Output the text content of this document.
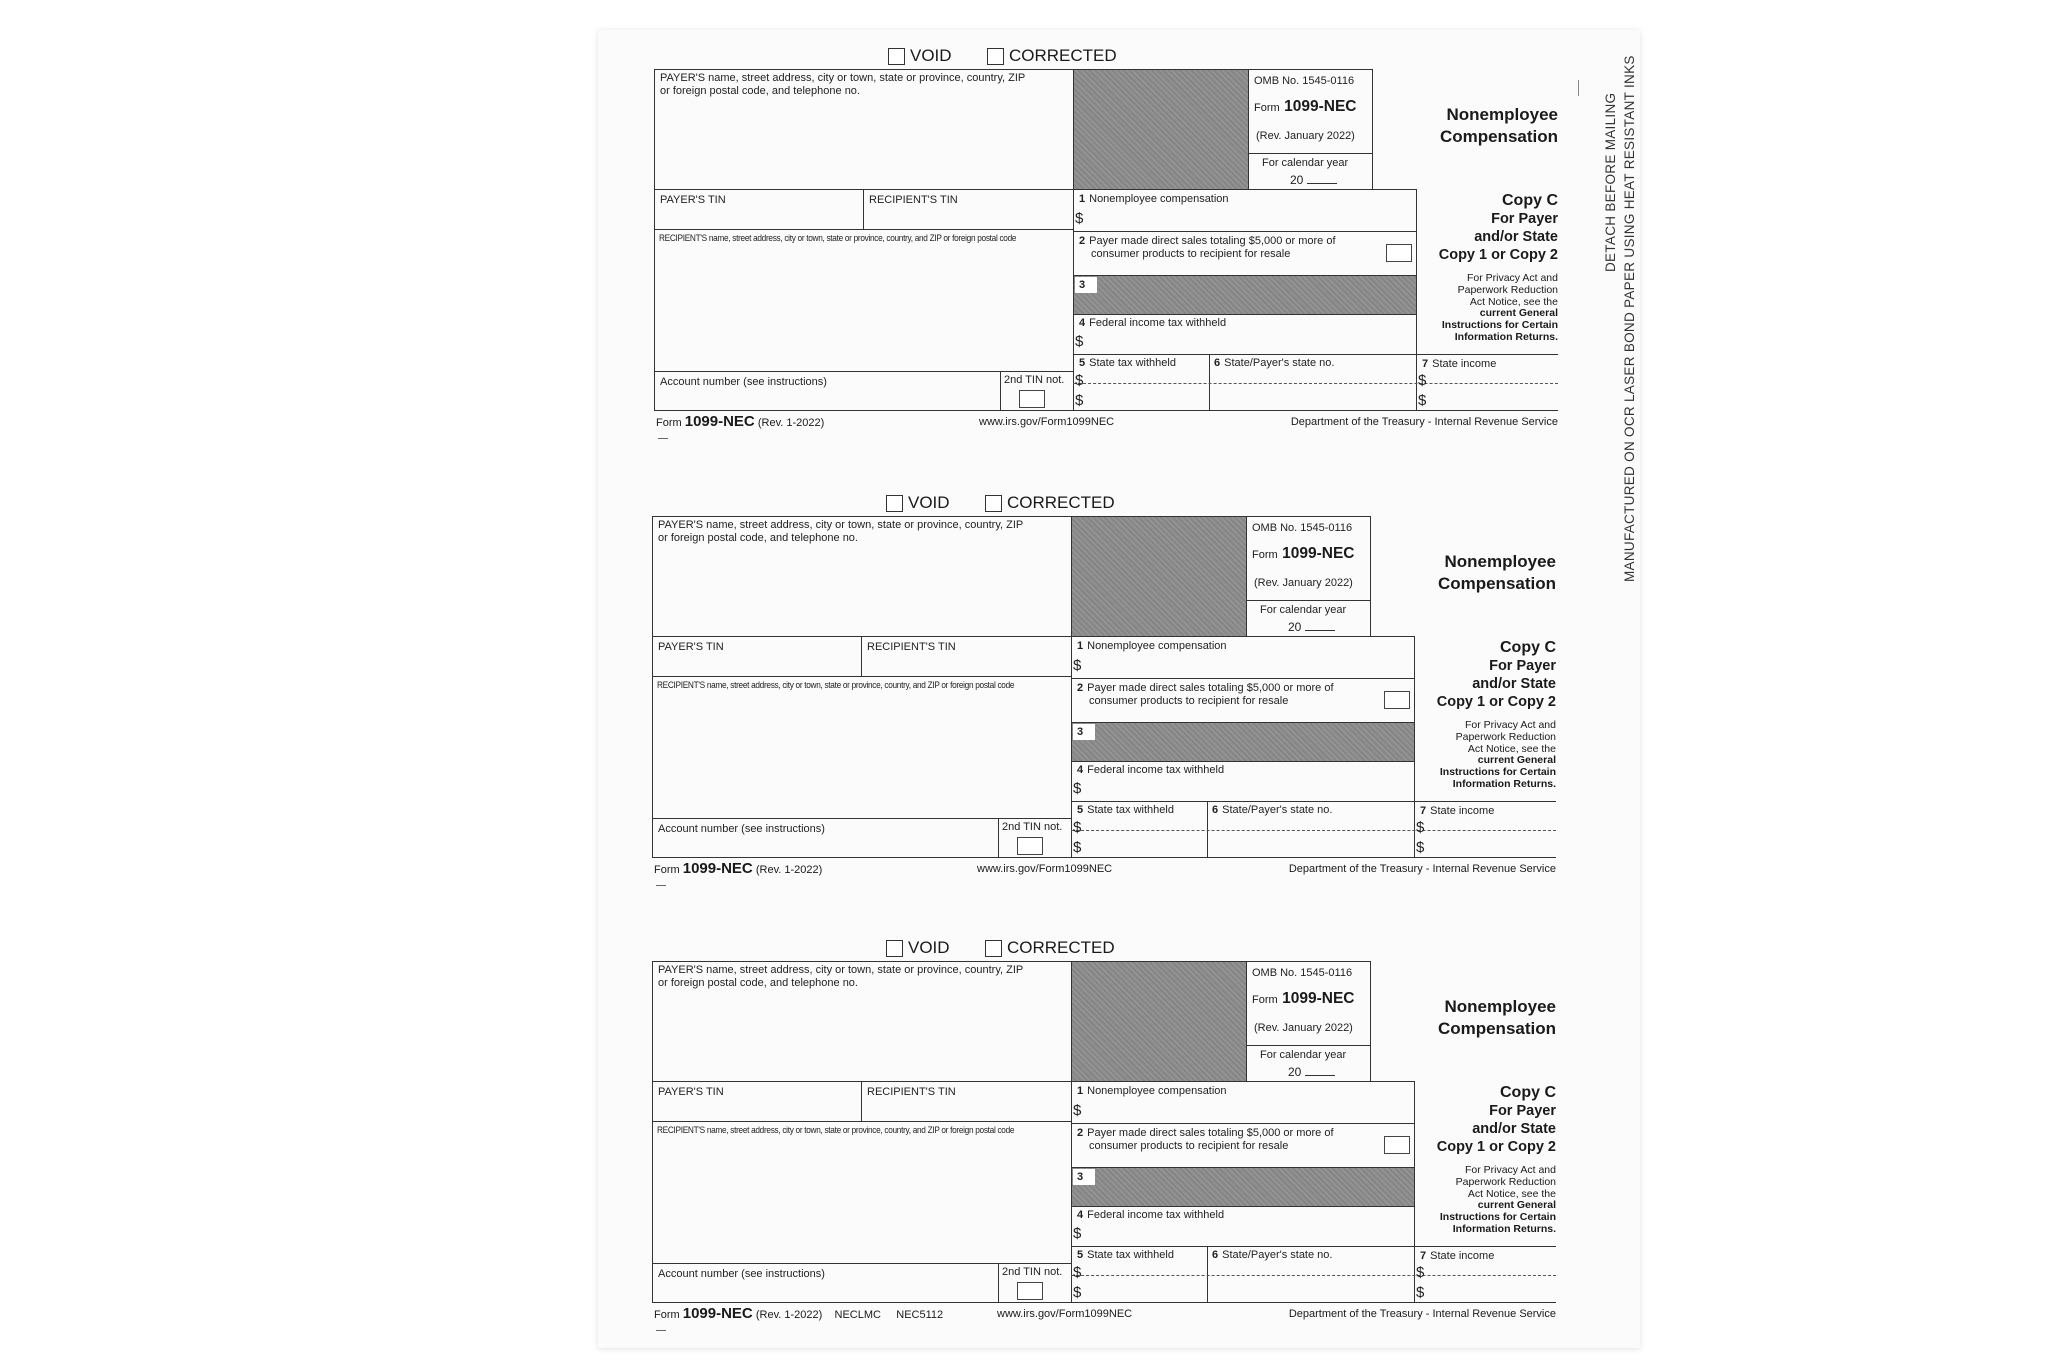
DETACH BEFORE MAILING MANUFACTURED ON OCR LASER BOND PAPER USING HEAT RESISTANT INKS
VOID	CORRECTED
PAYER'S name, street address, city or town, state or province, country, ZIP
or foreign postal code, and telephone no.
OMB No. 1545-0116
Form 1099-NEC
(Rev. January 2022)
For calendar year
20
Nonemployee
Compensation
PAYER'S TIN	RECIPIENT'S TIN
RECIPIENT'S name, street address, city or town, state or province, country, and ZIP or foreign postal code
1 Nonemployee compensation
$
2 Payer made direct sales totaling $5,000 or more of
consumer products to recipient for resale
3
4 Federal income tax withheld
$
5 State tax withheld	6 State/Payer's state no.	7 State income
$
$
$
$
Account number (see instructions)	2nd TIN not.
Copy C
For Payer
and/or State
Copy 1 or Copy 2
For Privacy Act and
Paperwork Reduction
Act Notice, see the
current General
Instructions for Certain
Information Returns.
Form 1099-NEC (Rev. 1-2022)	www.irs.gov/Form1099NEC	Department of the Treasury - Internal Revenue Service
VOID	CORRECTED
PAYER'S name, street address, city or town, state or province, country, ZIP
or foreign postal code, and telephone no.
OMB No. 1545-0116
Form 1099-NEC
(Rev. January 2022)
For calendar year
20
Nonemployee
Compensation
PAYER'S TIN	RECIPIENT'S TIN
RECIPIENT'S name, street address, city or town, state or province, country, and ZIP or foreign postal code
1 Nonemployee compensation
$
2 Payer made direct sales totaling $5,000 or more of
consumer products to recipient for resale
3
4 Federal income tax withheld
$
5 State tax withheld	6 State/Payer's state no.	7 State income
$
$
$
$
Account number (see instructions)	2nd TIN not.
Copy C
For Payer
and/or State
Copy 1 or Copy 2
For Privacy Act and
Paperwork Reduction
Act Notice, see the
current General
Instructions for Certain
Information Returns.
Form 1099-NEC (Rev. 1-2022)	www.irs.gov/Form1099NEC	Department of the Treasury - Internal Revenue Service
VOID	CORRECTED
PAYER'S name, street address, city or town, state or province, country, ZIP
or foreign postal code, and telephone no.
OMB No. 1545-0116
Form 1099-NEC
(Rev. January 2022)
For calendar year
20
Nonemployee
Compensation
PAYER'S TIN	RECIPIENT'S TIN
RECIPIENT'S name, street address, city or town, state or province, country, and ZIP or foreign postal code
1 Nonemployee compensation
$
2 Payer made direct sales totaling $5,000 or more of
consumer products to recipient for resale
3
4 Federal income tax withheld
$
5 State tax withheld	6 State/Payer's state no.	7 State income
$
$
$
$
Account number (see instructions)	2nd TIN not.
Copy C
For Payer
and/or State
Copy 1 or Copy 2
For Privacy Act and
Paperwork Reduction
Act Notice, see the
current General
Instructions for Certain
Information Returns.
Form 1099-NEC (Rev. 1-2022) NECLMC NEC5112	www.irs.gov/Form1099NEC	Department of the Treasury - Internal Revenue Service
